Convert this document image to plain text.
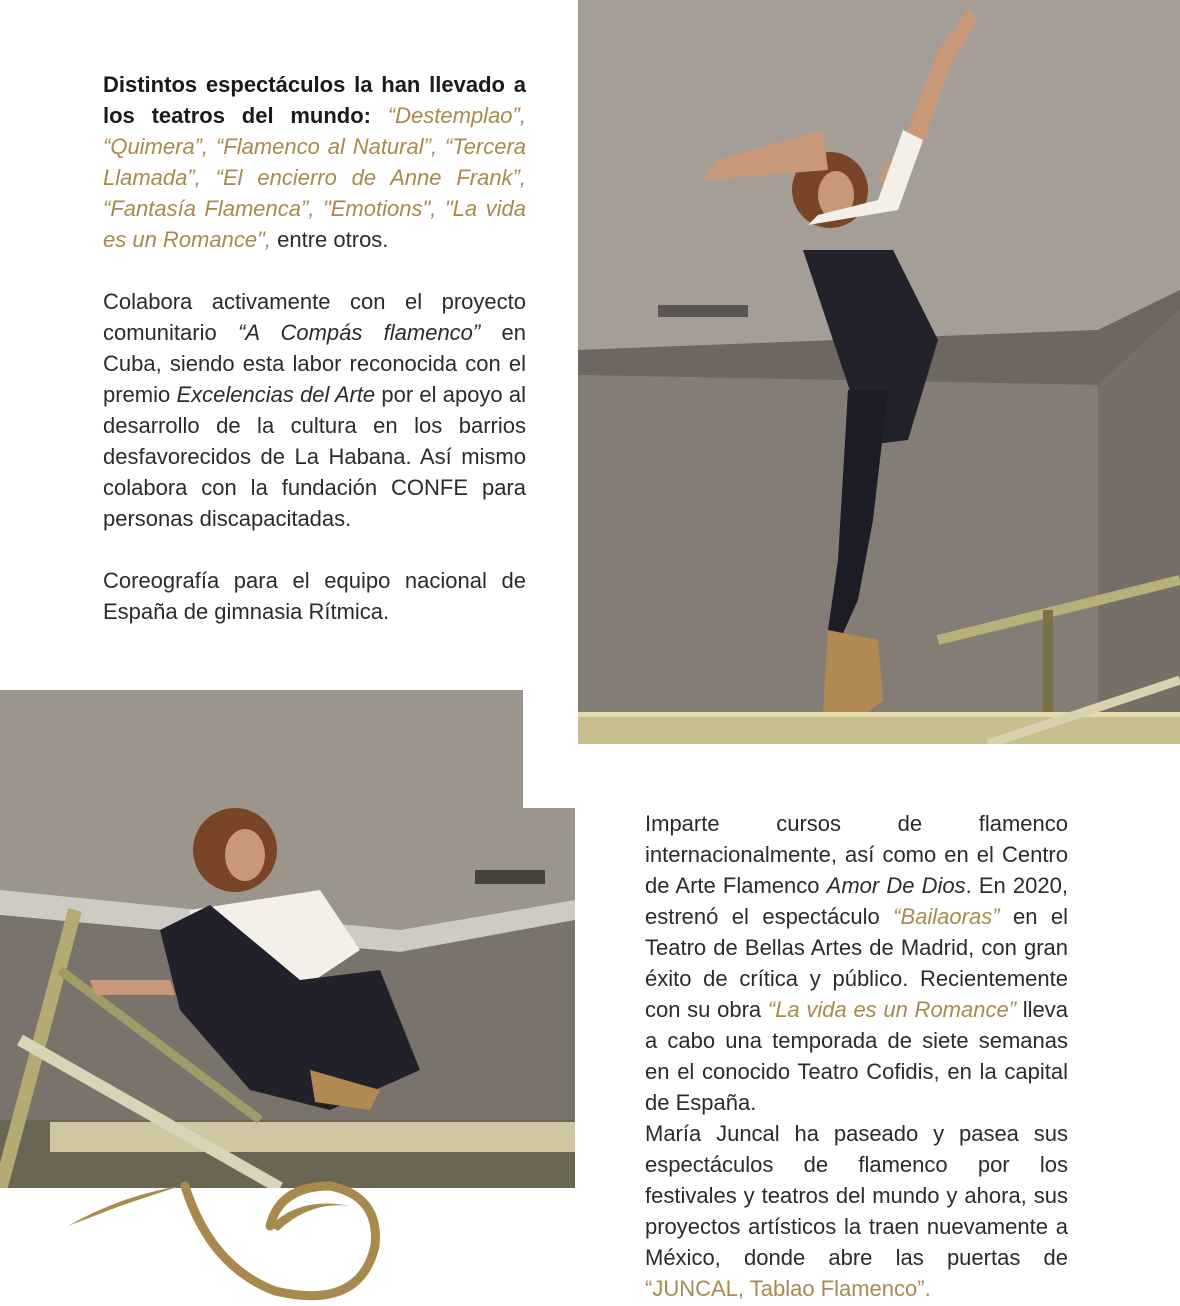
Distintos espectáculos la han llevado a los teatros del mundo: “Destemplao”, “Quimera”, “Flamenco al Natural”, “Tercera Llamada”, “El encierro de Anne Frank”, “Fantasía Flamenca”, "Emotions", "La vida es un Romance", entre otros.

Colabora activamente con el proyecto comunitario “A Compás flamenco” en Cuba, siendo esta labor reconocida con el premio Excelencias del Arte por el apoyo al desarrollo de la cultura en los barrios desfavorecidos de La Habana. Así mismo colabora con la fundación CONFE para personas discapacitadas.

Coreografía para el equipo nacional de España de gimnasia Rítmica.

Imparte cursos de flamenco internacionalmente, así como en el Centro de Arte Flamenco Amor De Dios. En 2020, estrenó el espectáculo “Bailaoras” en el Teatro de Bellas Artes de Madrid, con gran éxito de crítica y público. Recientemente con su obra “La vida es un Romance” lleva a cabo una temporada de siete semanas en el conocido Teatro Cofidis, en la capital de España.

María Juncal ha paseado y pasea sus espectáculos de flamenco por los festivales y teatros del mundo y ahora, sus proyectos artísticos la traen nuevamente a México, donde abre las puertas de “JUNCAL, Tablao Flamenco”.
